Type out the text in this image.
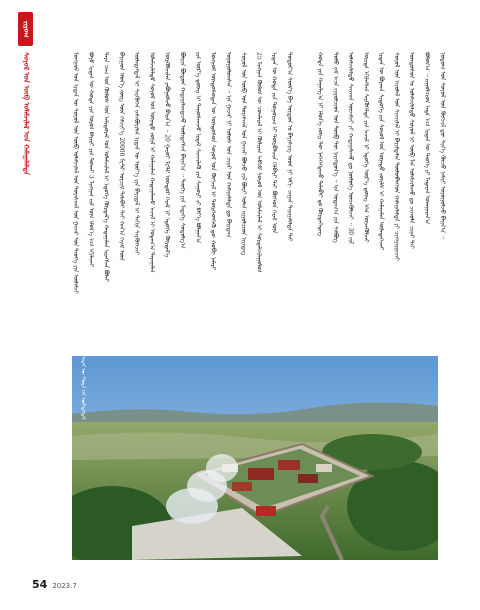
ᠵᠢᠷᠤᠭ
ᠰᠣᠶᠣᠯ ᠤᠨ ᠥᠪ ᠤᠯᠠᠮᠵᠢᠯᠠᠯ ᠤᠨ ᠬᠠᠮᠠᠭᠠᠯᠠᠯᠲᠠ	ᠮᠣᠩᠭᠣᠯ ᠤᠨ ᠡᠷᠲᠡᠨ ᠦ ᠰᠣᠶᠣᠯ ᠤᠨ ᠥᠪ ᠤᠯᠠᠮᠵᠢᠯᠠᠯ ᠤᠨ ᠳᠤᠷᠠᠰᠬᠠᠯ ᠤᠨ ᠭᠠᠵᠠᠷ ᠤᠨ ᠲᠡᠦᠬᠡ ᠶᠢᠨ ᠦᠯᠡᠮᠵᠢ ᠪᠤᠶᠤ ᠡᠷᠲᠡᠨ ᠦ ᠬᠣᠲᠠ ᠶᠢᠨ ᠤᠷᠤᠨ ᠪᠠᠶᠢᠷᠢ ᠶᠢᠨ ᠲᠤᠬᠠᠢ 3 ᠮᠢᠩᠭᠠᠨ ᠵᠢᠯ ᠦᠨ ᠡᠮᠦᠨ᠎ᠡ ᠡᠴᠡ ᠡᠬᠢᠯᠡᠵᠡᠢ ᠲᠡᠷᠡ ᠴᠠᠭ ᠤᠨ ᠬᠦᠮᠦᠰ ᠤᠨ ᠠᠮᠢᠳᠤᠷᠠᠯ ᠤᠨ ᠤᠯᠠᠮᠵᠢᠯᠠᠯ ᠢ ᠡᠳᠦᠭᠡ ᠬᠦᠷᠲᠡᠯ᠎ᠡ ᠬᠠᠳᠠᠭᠠᠯᠠᠨ ᠢᠷᠡᠭᠰᠡᠨ ᠪᠣᠯᠠᠢ ᠪᠠᠷᠠᠭᠤᠨ ᠡᠮᠦᠨ᠎ᠡ ᠵᠦᠭ ᠦᠨ ᠬᠡᠮᠵᠢᠶ᠎ᠡ 20000 ᠮᠧᠲ᠋ᠷ ᠣᠷᠴᠢᠮ ᠲᠠᠯᠠᠪᠠᠢ ᠲᠠᠢ ᠬᠠᠨ᠎ᠠ ᠬᠡᠷᠡᠮ ᠦᠨ ᠦᠯᠡᠳᠡᠭᠳᠡᠯ ᠢ ᠰᠡᠷᠭᠦᠭᠡᠨ ᠵᠠᠰᠠᠪᠤᠷᠢᠯᠠᠨ ᠡᠷᠲᠡᠨ ᠦ ᠦᠶ᠎ᠡ ᠶᠢᠨ ᠪᠠᠶᠢᠳᠠᠯ ᠢ ᠳᠠᠬᠢᠨ ᠰᠡᠷᠭᠦᠭᠡᠵᠡᠢ ᠤᠯᠠᠮᠵᠢᠯᠠᠯᠲᠤ ᠰᠣᠶᠣᠯ ᠤᠨ ᠦᠨᠡᠲᠦ ᠵᠦᠢᠯ ᠢ ᠬᠠᠮᠠᠭᠠᠯᠠᠨ ᠬᠠᠳᠠᠭᠠᠯᠠᠬᠤ ᠠᠵᠢᠯ ᠢ ᠤᠳᠠᠭ᠎ᠠ ᠳᠠᠷᠠᠭᠠᠯᠠᠨ ᠦᠷᠭᠦᠯᠵᠢᠯᠡᠨ ᠶᠠᠪᠤᠭᠤᠯᠵᠤ ᠪᠠᠢᠨ᠎ᠠ ᠃ 20 ᠭᠠᠷᠤᠢ ᠮᠧᠲ᠋ᠷ ᠥᠨᠳᠥᠷ ᠬᠡᠷᠡᠮ ᠨᠢ ᠡᠳᠦᠭᠡ ᠬᠦᠷᠲᠡᠯ᠎ᠡ ᠪᠦᠷᠢᠨ ᠪᠦᠲᠦᠨ ᠬᠠᠳᠠᠭᠠᠯᠠᠭᠳᠠᠵᠤ ᠦᠯᠡᠳᠡᠭᠰᠡᠨ ᠪᠠᠢᠨ᠎ᠠ ᠃ ᠲᠡᠦᠬᠡ ᠶᠢᠨ ᠮᠡᠳᠡᠭᠡ ᠰᠤᠳᠤᠯᠭ᠎ᠠ ᠶᠢᠨ ᠦᠷ᠎ᠡ ᠳ᠋ᠦᠩ ᠢ ᠳᠠᠭᠤᠰᠬᠠᠵᠤ ᠡᠷᠳᠡᠮ ᠰᠢᠨᠵᠢᠯᠡᠬᠦ ᠶᠢᠨ ᠰᠠᠭᠤᠷᠢ ᠶᠢ ᠪᠡᠶ᠎ᠡ ᠪᠣᠯᠭᠠᠨ᠎ᠠ ᠮᠣᠩᠭᠣᠯ ᠦᠨᠳᠦᠰᠦᠲᠡᠨ ᠦ ᠦᠨᠳᠦᠰᠦᠨ ᠰᠣᠶᠣᠯ ᠤᠨ ᠬᠥᠭᠵᠢᠯ ᠢ ᠲᠦᠷᠭᠡᠳᠬᠡᠬᠦ ᠳᠦ ᠬᠤᠪᠢ ᠨᠡᠮᠡᠷᠢ ᠣᠷᠣᠭᠤᠯᠤᠭᠰᠠᠨ ᠃ ᠡᠨᠡ ᠭᠠᠵᠠᠷ ᠨᠢ ᠤᠯᠤᠰ ᠤᠨ ᠴᠢᠨᠠᠷ ᠤᠨ ᠬᠠᠮᠠᠭᠠᠯᠠᠯᠲᠠ ᠳᠤ ᠪᠠᠢᠳᠠᠭ ᠰᠣᠶᠣᠯ ᠤᠨ ᠥᠪ ᠤᠨ ᠳᠤᠷᠠᠰᠬᠠᠯ ᠤᠨ ᠭᠠᠵᠠᠷ ᠪᠣᠯᠵᠤ ᠵᠢᠯ ᠪᠦᠷᠢ ᠤᠯᠠᠨ ᠵᠢᠭᠤᠯᠴᠢᠳ ᠢᠷᠡᠳᠡᠭ 25 ᠮᠢᠩᠭᠠᠨ ᠬᠦᠮᠦᠨ ᠦ ᠴᠤᠭᠯᠠᠷᠠᠯ ᠢ ᠬᠦᠯᠢᠶᠡᠨ ᠠᠪᠴᠤ ᠰᠣᠶᠣᠯ ᠤᠨ ᠤᠯᠠᠮᠵᠢᠯᠠᠯ ᠢ ᠰᠤᠷᠲᠠᠯᠴᠢᠯᠠᠭᠤᠯᠤᠨ ᠡᠷᠲᠡᠨ ᠦ ᠬᠣᠲᠠ ᠶᠢᠨ ᠲᠣᠭᠣᠷᠢᠭ ᠨᠢ ᠳᠦᠷᠪᠡᠯᠵᠢᠨ ᠬᠡᠯᠪᠡᠷᠢ ᠲᠠᠢ ᠪᠥᠭᠡᠳ ᠬᠡᠷᠡᠮ ᠦᠨ ᠳᠣᠲᠣᠷ᠎ᠠ ᠰᠦᠮ᠎ᠡ ᠪᠠ ᠣᠷᠳᠣᠨ ᠤ ᠪᠠᠶᠢᠰᠢᠩ ᠤᠳ ᠨᠢ ᠡᠮᠬᠢ ᠴᠠᠭᠠᠨ ᠳᠠᠷᠠᠭᠠᠯᠠᠯᠲᠠ ᠲᠠᠢ	ᠬᠣᠲᠠ ᠶᠢᠨ ᠬᠠᠭᠠᠯᠭ᠎ᠠ ᠨᠢ ᠡᠮᠦᠨ᠎ᠡ ᠵᠦᠭ ᠲᠦ ᠨᠡᠭᠡᠭᠡᠭᠳᠡᠵᠦ ᠲᠠᠯᠠᠪᠠᠢ ᠳᠤ ᠬᠦᠷᠲᠡᠭᠡᠳᠡᠭ ᠲᠣᠮᠣ ᠵᠠᠮ ᠠᠴᠠ ᠵᠢᠭᠤᠯᠴᠢᠳ ᠤᠨ ᠲᠥᠪ ᠲᠦ ᠨᠡᠷᠡᠭᠳᠦᠨ᠎ᠡ ᠃ ᠡᠨᠡ ᠤᠳᠠᠭ᠎ᠠ ᠶᠢᠨ ᠰᠡᠯᠪᠦᠭ ᠤᠯᠠᠮᠵᠢᠯᠠᠯᠲᠤ ᠰᠠᠢᠬᠠᠨ ᠦᠵᠡᠮᠵᠢ ᠶᠢ ᠬᠠᠳᠠᠭᠠᠯᠠᠬᠤ ᠳᠤ ᠨᠥᠯᠥᠭᠡ ᠦᠵᠡᠭᠦᠯᠵᠡᠢ ᠃ 30 ᠵᠢᠯ ᠤᠷᠢᠳᠠ ᠡᠬᠢᠯᠡᠭᠰᠡᠨ ᠰᠡᠷᠭᠦᠭᠡᠯᠲᠡ ᠶᠢᠨ ᠠᠵᠢᠯ ᠨᠢ ᠡᠳᠦᠭᠡ ᠦᠷ᠎ᠡ ᠳ᠋ᠦᠩ ᠡᠭᠡᠨ ᠦᠵᠡᠭᠦᠯᠵᠡᠢ ᠡᠷᠲᠡᠨ ᠦ ᠪᠤᠷᠬᠠᠨ ᠰᠢᠲᠦᠭᠡ ᠶᠢᠨ ᠰᠣᠶᠣᠯ ᠤᠨ ᠦᠨᠡᠲᠦ ᠵᠦᠢᠯᠰ ᠢ ᠬᠠᠮᠠᠭᠠᠯᠠᠨ ᠦᠯᠡᠳᠡᠭᠡᠵᠡᠢ ᠰᠣᠶᠣᠯ ᠤᠨ ᠠᠶᠤᠯᠠᠯ ᠤᠨ ᠰᠢᠨᠵᠢᠯᠡᠯ ᠢ ᠪᠠᠷᠢᠮᠲᠠᠯᠠᠨ ᠲᠥᠯᠥᠪᠯᠡᠭᠡᠳ ᠬᠠᠮᠠᠭᠠᠯᠠᠯᠲᠠ ᠶᠢ ᠴᠢᠩᠭᠠᠷᠭᠠᠵᠡᠢ ᠦᠨᠳᠦᠰᠦᠨ ᠤ ᠤᠯᠠᠮᠵᠢᠯᠠᠯᠲᠤ ᠰᠣᠶᠣᠯ ᠢ ᠥᠪ ᠯᠡᠨ ᠤᠯᠠᠮᠵᠢᠯᠠᠬᠤ ᠳᠤ ᠴᠢᠬᠤᠯᠠ ᠴᠢᠨᠠᠷ ᠲᠠᠢ ᠪᠣᠯᠤᠨ᠎ᠠ ᠃ ᠵᠢᠭᠤᠯᠴᠢᠳ ᠡᠨᠳᠡ ᠡᠴᠡ ᠡᠷᠲᠡᠨ ᠦ ᠲᠡᠦᠬᠡ ᠶᠢ ᠮᠡᠳᠡᠷᠡᠨ ᠤᠬᠠᠭᠠᠷᠠᠨ᠎ᠠ ᠨᠤᠲᠤᠭ ᠤᠨ ᠰᠣᠶᠣᠯ ᠤᠨ ᠬᠥᠭᠵᠢᠯ ᠳᠦ ᠰᠢᠨ᠎ᠡ ᠬᠦᠴᠦ ᠨᠡᠮᠡᠷᠢ ᠣᠷᠣᠭᠤᠯᠵᠤ ᠪᠠᠢᠨ᠎ᠠ ᠃
ᠡᠷᠲᠡᠨ ᠦ ᠬᠣᠲᠠ ᠶᠢᠨ ᠦᠯᠡᠳᠡᠭᠳᠡᠯ
54 2023.7
